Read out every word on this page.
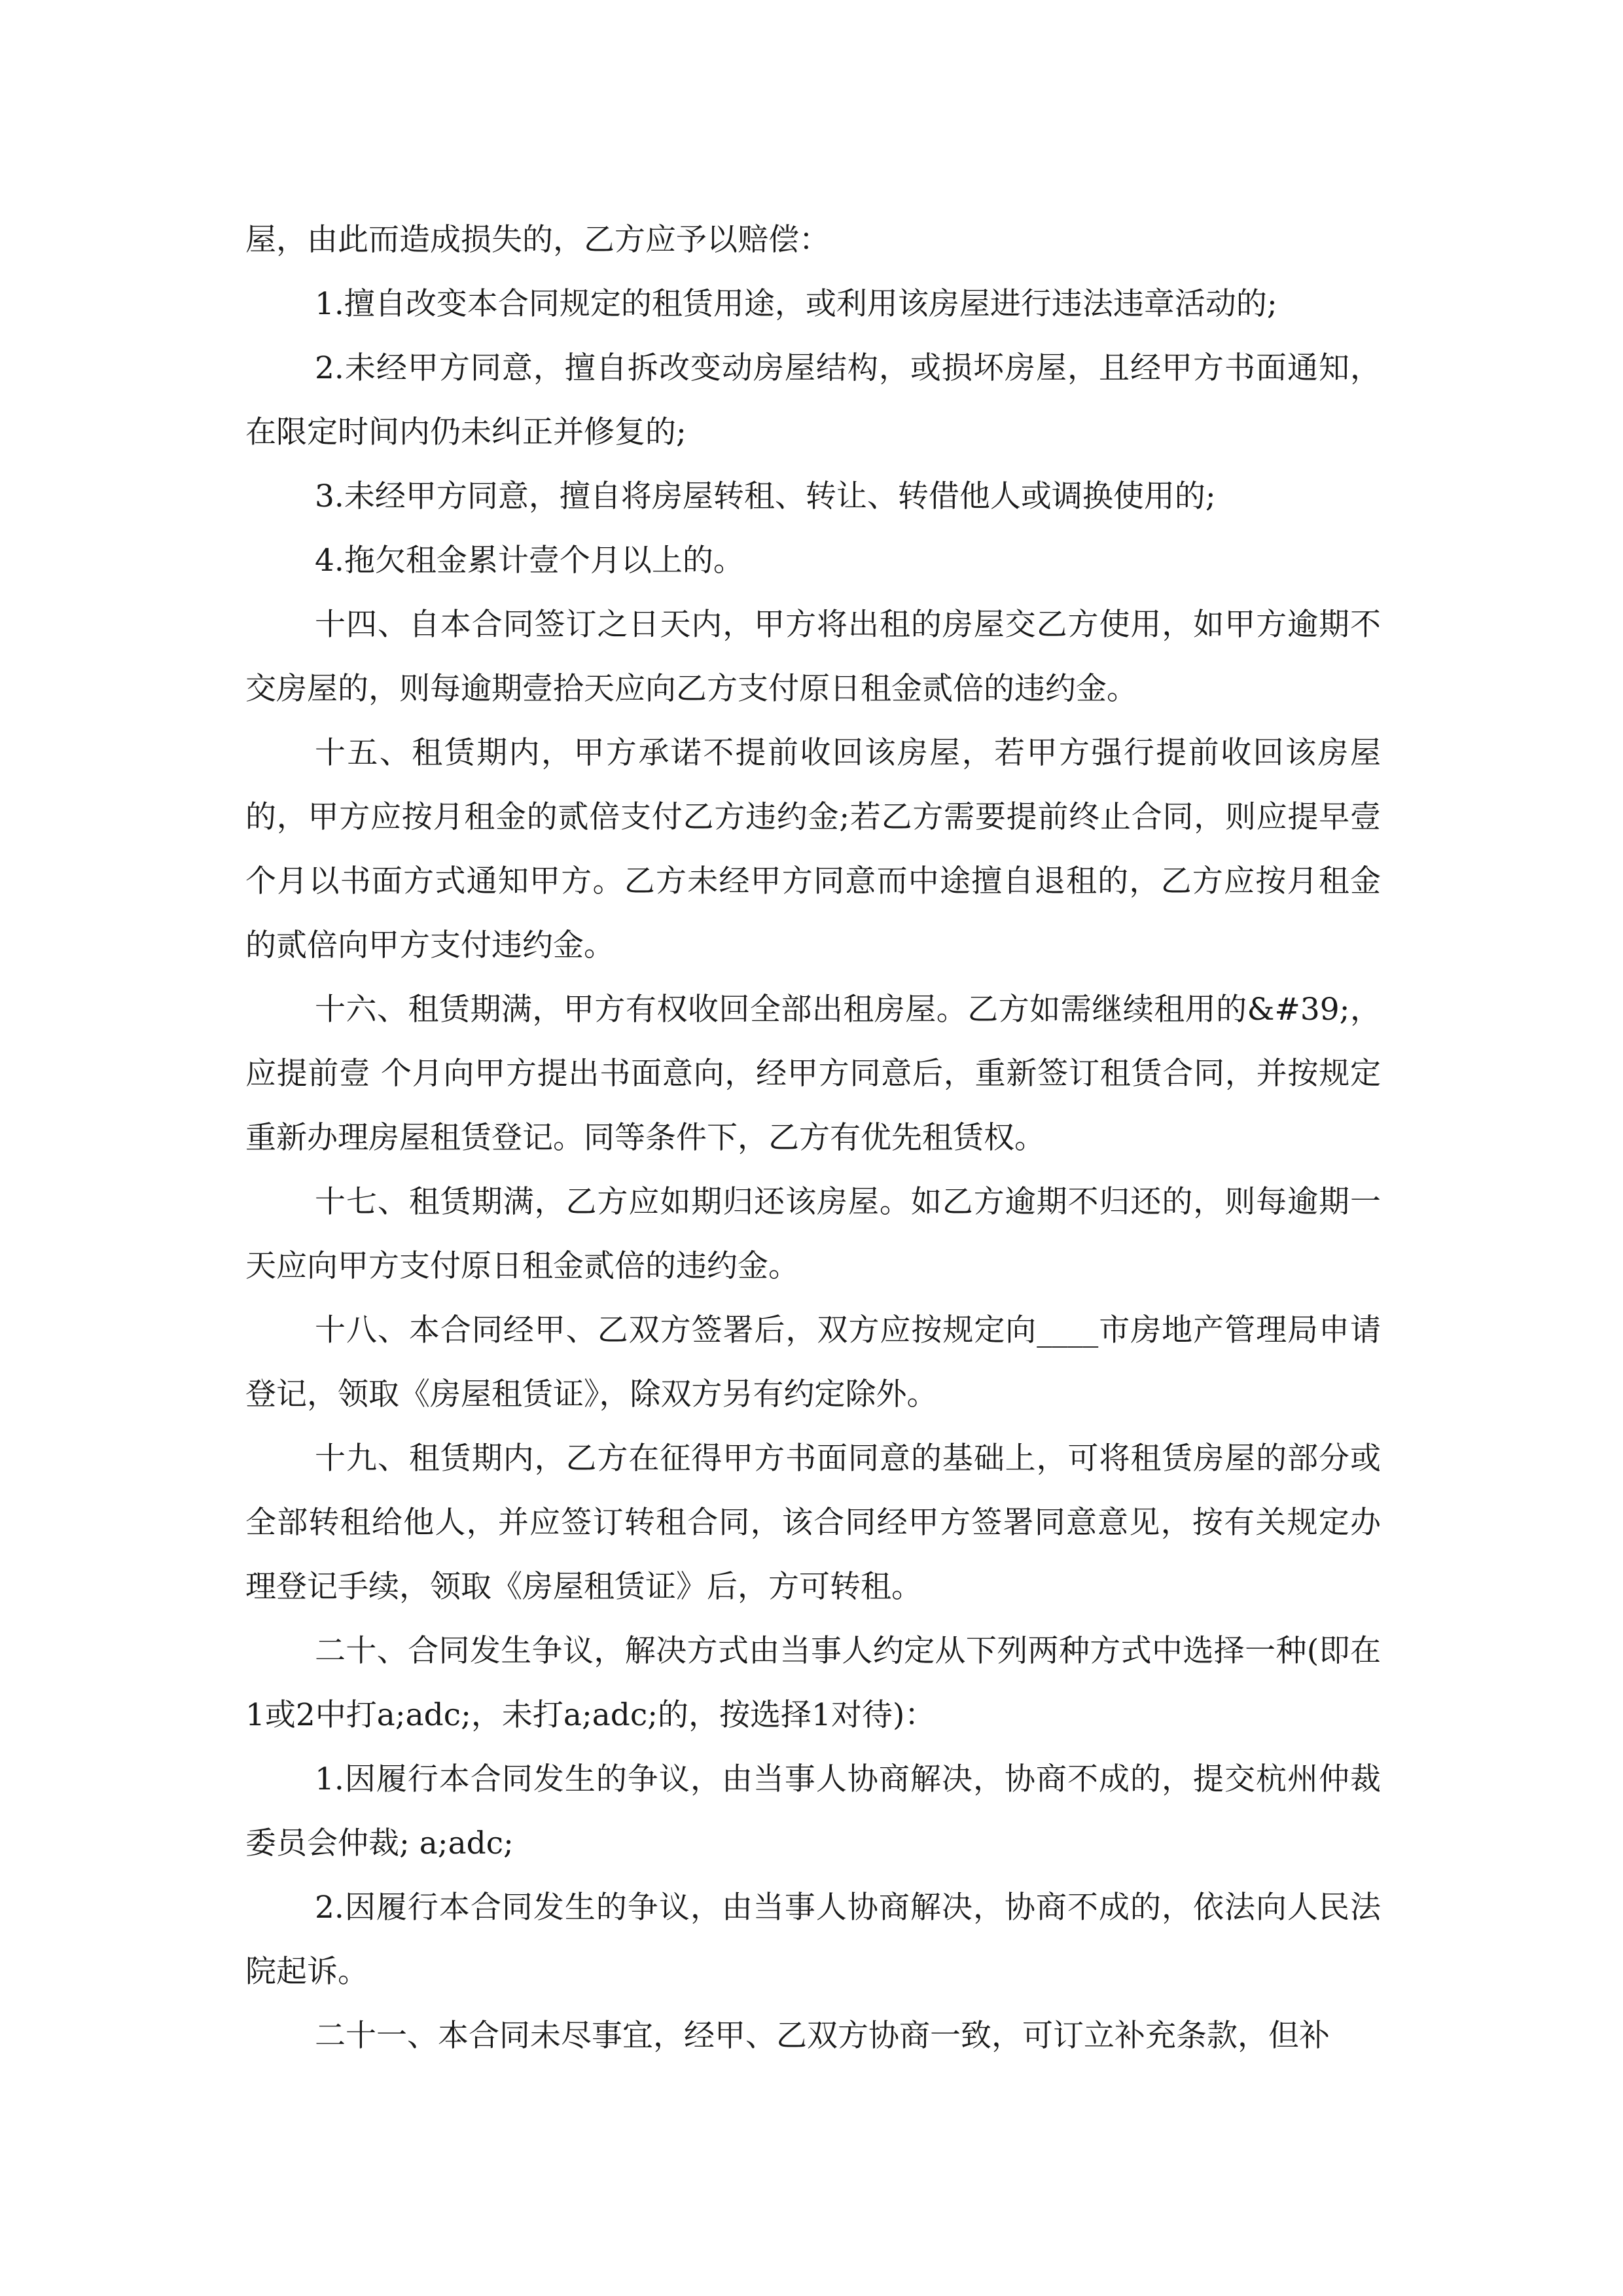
屋，由此而造成损失的，乙方应予以赔偿：

1.擅自改变本合同规定的租赁用途，或利用该房屋进行违法违章活动的;

2.未经甲方同意，擅自拆改变动房屋结构，或损坏房屋，且经甲方书面通知，在限定时间内仍未纠正并修复的;

3.未经甲方同意，擅自将房屋转租、转让、转借他人或调换使用的;

4.拖欠租金累计壹个月以上的。

十四、自本合同签订之日天内，甲方将出租的房屋交乙方使用，如甲方逾期不交房屋的，则每逾期壹拾天应向乙方支付原日租金贰倍的违约金。

十五、租赁期内，甲方承诺不提前收回该房屋，若甲方强行提前收回该房屋的，甲方应按月租金的贰倍支付乙方违约金;若乙方需要提前终止合同，则应提早壹个月以书面方式通知甲方。乙方未经甲方同意而中途擅自退租的，乙方应按月租金的贰倍向甲方支付违约金。

十六、租赁期满，甲方有权收回全部出租房屋。乙方如需继续租用的&#39;，应提前壹 个月向甲方提出书面意向，经甲方同意后，重新签订租赁合同，并按规定重新办理房屋租赁登记。同等条件下，乙方有优先租赁权。

十七、租赁期满，乙方应如期归还该房屋。如乙方逾期不归还的，则每逾期一天应向甲方支付原日租金贰倍的违约金。

十八、本合同经甲、乙双方签署后，双方应按规定向____市房地产管理局申请登记，领取《房屋租赁证》，除双方另有约定除外。

十九、租赁期内，乙方在征得甲方书面同意的基础上，可将租赁房屋的部分或全部转租给他人，并应签订转租合同，该合同经甲方签署同意意见，按有关规定办理登记手续，领取《房屋租赁证》后，方可转租。

二十、合同发生争议，解决方式由当事人约定从下列两种方式中选择一种(即在1或2中打a;adc;，未打a;adc;的，按选择1对待)：

1.因履行本合同发生的争议，由当事人协商解决，协商不成的，提交杭州仲裁委员会仲裁; a;adc;

2.因履行本合同发生的争议，由当事人协商解决，协商不成的，依法向人民法院起诉。

二十一、本合同未尽事宜，经甲、乙双方协商一致，可订立补充条款，但补
